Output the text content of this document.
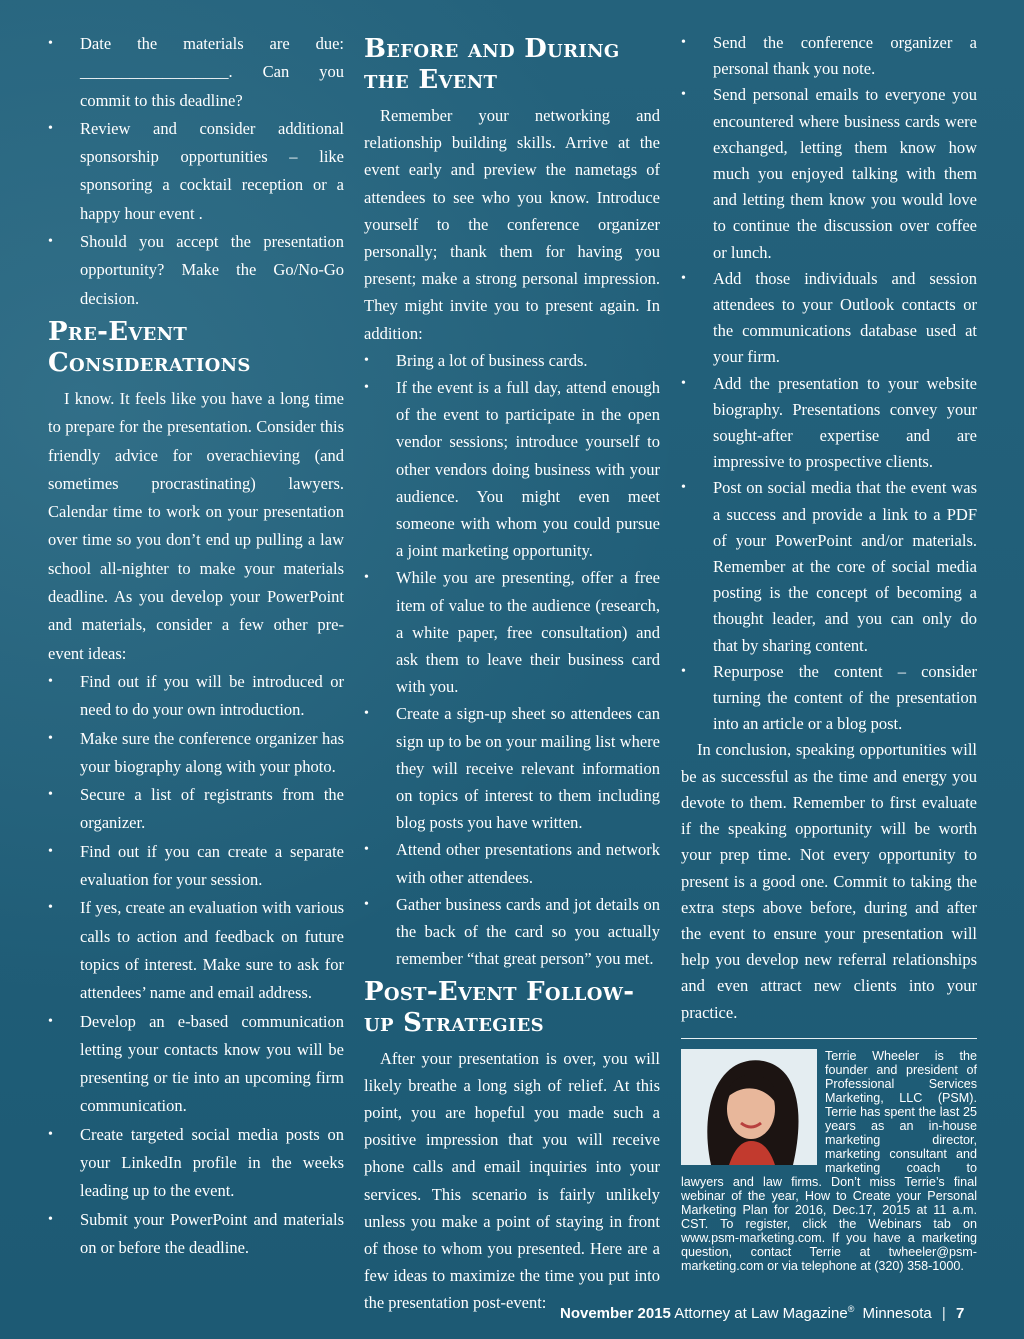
• Date the materials are due: __________________. Can you commit to this deadline?
• Review and consider additional sponsorship opportunities – like sponsoring a cocktail reception or a happy hour event .
• Should you accept the presentation opportunity? Make the Go/No-Go decision.
Pre-Event Considerations

I know. It feels like you have a long time to prepare for the presentation. Consider this friendly advice for overachieving (and sometimes procrastinating) lawyers. Calendar time to work on your presentation over time so you don’t end up pulling a law school all-nighter to make your materials deadline. As you develop your PowerPoint and materials, consider a few other pre-event ideas:

• Find out if you will be introduced or need to do your own introduction.
• Make sure the conference organizer has your biography along with your photo.
• Secure a list of registrants from the organizer.
• Find out if you can create a separate evaluation for your session.
• If yes, create an evaluation with various calls to action and feedback on future topics of interest. Make sure to ask for attendees’ name and email address.
• Develop an e-based communication letting your contacts know you will be presenting or tie into an upcoming firm communication.
• Create targeted social media posts on your LinkedIn profile in the weeks leading up to the event.
• Submit your PowerPoint and materials on or before the deadline.
Before and During the Event

Remember your networking and relationship building skills. Arrive at the event early and preview the nametags of attendees to see who you know. Introduce yourself to the conference organizer personally; thank them for having you present; make a strong personal impression. They might invite you to present again. In addition:

• Bring a lot of business cards.
• If the event is a full day, attend enough of the event to participate in the open vendor sessions; introduce yourself to other vendors doing business with your audience. You might even meet someone with whom you could pursue a joint marketing opportunity.
• While you are presenting, offer a free item of value to the audience (research, a white paper, free consultation) and ask them to leave their business card with you.
• Create a sign-up sheet so attendees can sign up to be on your mailing list where they will receive relevant information on topics of interest to them including blog posts you have written.
• Attend other presentations and network with other attendees.
• Gather business cards and jot details on the back of the card so you actually remember “that great person” you met.
Post-Event Follow-up Strategies

After your presentation is over, you will likely breathe a long sigh of relief. At this point, you are hopeful you made such a positive impression that you will receive phone calls and email inquiries into your services. This scenario is fairly unlikely unless you make a point of staying in front of those to whom you presented. Here are a few ideas to maximize the time you put into the presentation post-event:

• Send the conference organizer a personal thank you note.
• Send personal emails to everyone you encountered where business cards were exchanged, letting them know how much you enjoyed talking with them and letting them know you would love to continue the discussion over coffee or lunch.
• Add those individuals and session attendees to your Outlook contacts or the communications database used at your firm.
• Add the presentation to your website biography. Presentations convey your sought-after expertise and are impressive to prospective clients.
• Post on social media that the event was a success and provide a link to a PDF of your PowerPoint and/or materials. Remember at the core of social media posting is the concept of becoming a thought leader, and you can only do that by sharing content.
• Repurpose the content – consider turning the content of the presentation into an article or a blog post.

In conclusion, speaking opportunities will be as successful as the time and energy you devote to them. Remember to first evaluate if the speaking opportunity will be worth your prep time. Not every opportunity to present is a good one. Commit to taking the extra steps above before, during and after the event to ensure your presentation will help you develop new referral relationships and even attract new clients into your practice.

Terrie Wheeler is the founder and president of Professional Services Marketing, LLC (PSM). Terrie has spent the last 25 years as an in-house marketing director, marketing consultant and marketing coach to lawyers and law firms. Don’t miss Terrie’s final webinar of the year, How to Create your Personal Marketing Plan for 2016, Dec.17, 2015 at 11 a.m. CST. To register, click the Webinars tab on www.psm-marketing.com. If you have a marketing question, contact Terrie at twheeler@psm-marketing.com or via telephone at (320) 358-1000.
November 2015 Attorney at Law Magazine® Minnesota | 7
